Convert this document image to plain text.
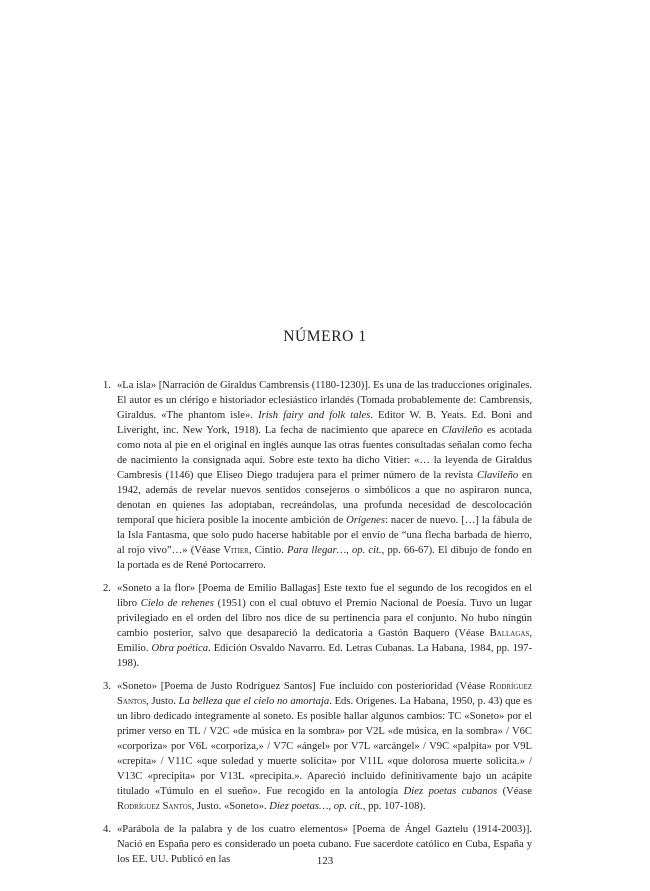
NÚMERO 1
1. «La isla» [Narración de Giraldus Cambrensis (1180-1230)]. Es una de las traducciones originales. El autor es un clérigo e historiador eclesiástico irlandés (Tomada probablemente de: Cambrensis, Giraldus. «The phantom isle». Irish fairy and folk tales. Editor W. B. Yeats. Ed. Boni and Liveright, inc. New York, 1918). La fecha de nacimiento que aparece en Clavileño es acotada como nota al pie en el original en inglés aunque las otras fuentes consultadas señalan como fecha de nacimiento la consignada aquí. Sobre este texto ha dicho Vitier: «… la leyenda de Giraldus Cambresis (1146) que Eliseo Diego tradujera para el primer número de la revista Clavileño en 1942, además de revelar nuevos sentidos consejeros o simbólicos a que no aspiraron nunca, denotan en quienes las adoptaban, recreándolas, una profunda necesidad de descolocación temporal que hiciera posible la inocente ambición de Orígenes: nacer de nuevo. […] la fábula de la Isla Fantasma, que solo pudo hacerse habitable por el envío de “una flecha barbada de hierro, al rojo vivo”…» (Véase Vitier, Cintio. Para llegar…, op. cit., pp. 66-67). El dibujo de fondo en la portada es de René Portocarrero.
2. «Soneto a la flor» [Poema de Emilio Ballagas] Este texto fue el segundo de los recogidos en el libro Cielo de rehenes (1951) con el cual obtuvo el Premio Nacional de Poesía. Tuvo un lugar privilegiado en el orden del libro nos dice de su pertinencia para el conjunto. No hubo ningún cambio posterior, salvo que desapareció la dedicatoria a Gastón Baquero (Véase Ballagas, Emilio. Obra poética. Edición Osvaldo Navarro. Ed. Letras Cubanas. La Habana, 1984, pp. 197-198).
3. «Soneto» [Poema de Justo Rodríguez Santos] Fue incluido con posterioridad (Véase Rodríguez Santos, Justo. La belleza que el cielo no amortaja. Eds. Orígenes. La Habana, 1950, p. 43) que es un libro dedicado íntegramente al soneto. Es posible hallar algunos cambios: TC «Soneto» por el primer verso en TL / V2C «de música en la sombra» por V2L «de música, en la sombra» / V6C «corporiza» por V6L «corporiza,» / V7C «ángel» por V7L «arcángel» / V9C «palpita» por V9L «crepita» / V11C «que soledad y muerte solicita» por V11L «que dolorosa muerte solicita.» / V13C «precipita» por V13L «precipita.». Apareció incluido definitivamente bajo un acápite titulado «Túmulo en el sueño». Fue recogido en la antología Diez poetas cubanos (Véase Rodríguez Santos, Justo. «Soneto». Diez poetas…, op. cit., pp. 107-108).
4. «Parábola de la palabra y de los cuatro elementos» [Poema de Ángel Gaztelu (1914-2003)]. Nació en España pero es considerado un poeta cubano. Fue sacerdote católico en Cuba, España y los EE. UU. Publicó en las	123
